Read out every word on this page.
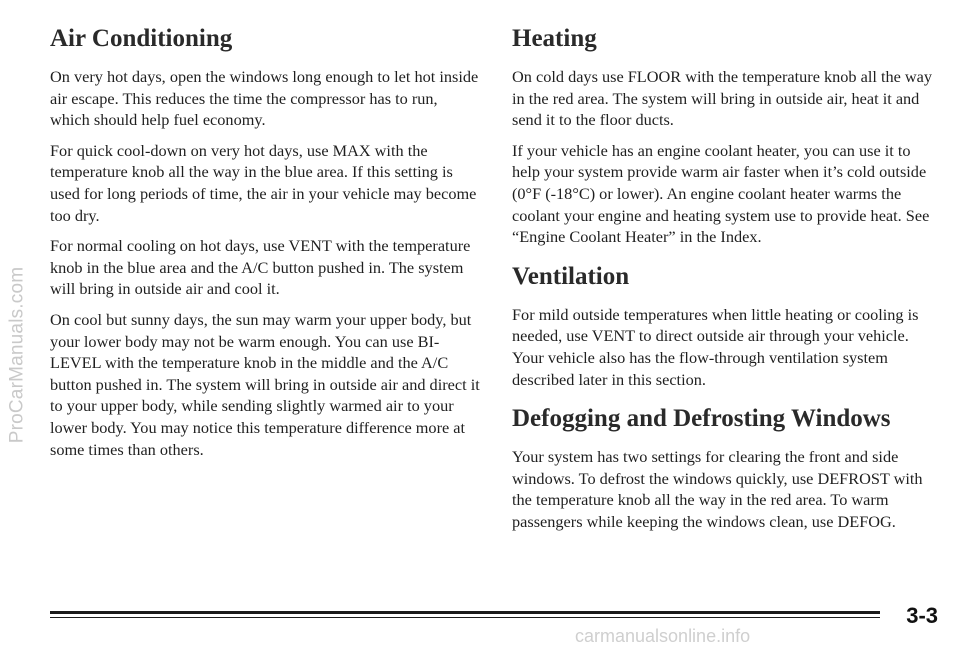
ProCarManuals.com
Air Conditioning

On very hot days, open the windows long enough to let hot inside air escape. This reduces the time the compressor has to run, which should help fuel economy.

For quick cool-down on very hot days, use MAX with the temperature knob all the way in the blue area. If this setting is used for long periods of time, the air in your vehicle may become too dry.

For normal cooling on hot days, use VENT with the temperature knob in the blue area and the A/C button pushed in. The system will bring in outside air and cool it.

On cool but sunny days, the sun may warm your upper body, but your lower body may not be warm enough. You can use BI-LEVEL with the temperature knob in the middle and the A/C button pushed in. The system will bring in outside air and direct it to your upper body, while sending slightly warmed air to your lower body. You may notice this temperature difference more at some times than others.

Heating

On cold days use FLOOR with the temperature knob all the way in the red area. The system will bring in outside air, heat it and send it to the floor ducts.

If your vehicle has an engine coolant heater, you can use it to help your system provide warm air faster when it’s cold outside (0°F (-18°C) or lower). An engine coolant heater warms the coolant your engine and heating system use to provide heat. See “Engine Coolant Heater” in the Index.

Ventilation

For mild outside temperatures when little heating or cooling is needed, use VENT to direct outside air through your vehicle. Your vehicle also has the flow-through ventilation system described later in this section.

Defogging and Defrosting Windows

Your system has two settings for clearing the front and side windows. To defrost the windows quickly, use DEFROST with the temperature knob all the way in the red area. To warm passengers while keeping the windows clean, use DEFOG.

3-3
carmanualsonline.info
